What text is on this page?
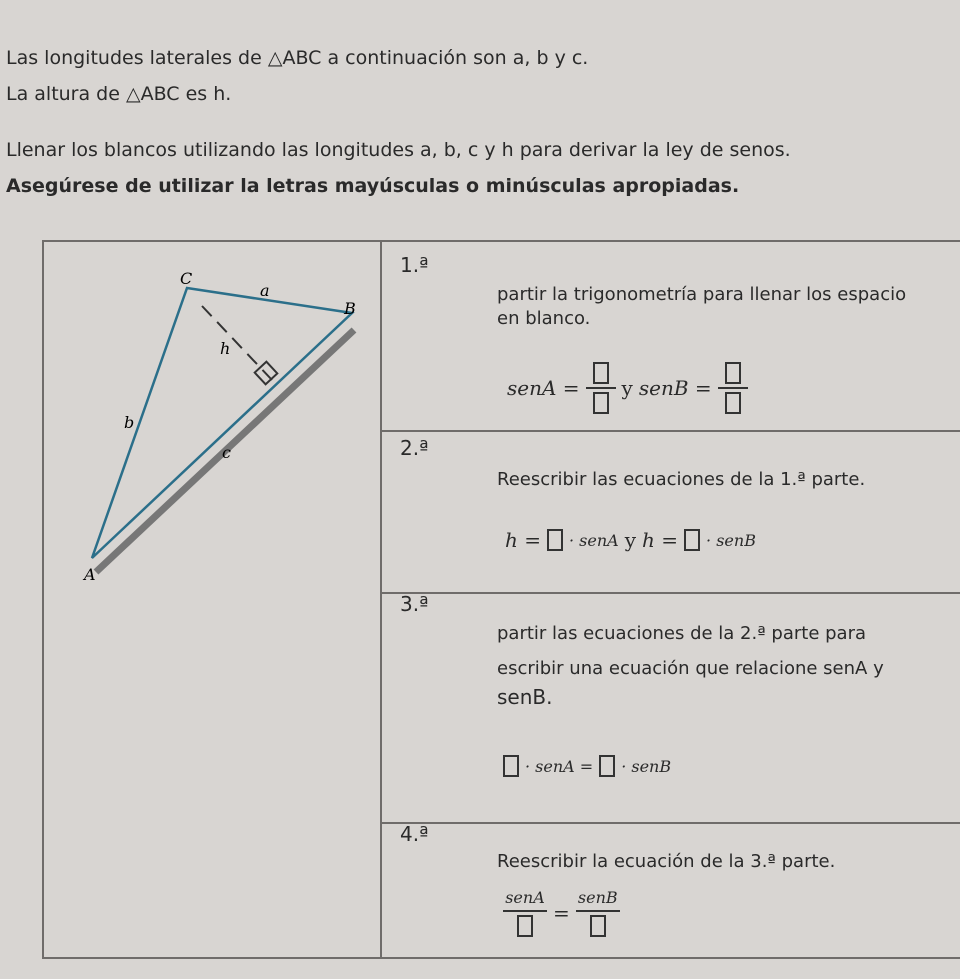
Las longitudes laterales de △ABC a continuación son a, b y c.

La altura de △ABC es h.

Llenar los blancos utilizando las longitudes a, b, c y h para derivar la ley de senos.

Asegúrese de utilizar la letras mayúsculas o minúsculas apropiadas.

C
a
B
h
b
c
A
1.ª
partir la trigonometría para llenar los espacio
en blanco.
senA = y senB =
2.ª
Reescribir las ecuaciones de la 1.ª parte.
h = · senA y h = · senB
3.ª
partir las ecuaciones de la 2.ª parte para
escribir una ecuación que relacione senA y
senB.
· senA = · senB
4.ª
Reescribir la ecuación de la 3.ª parte.
senA
=
senB
